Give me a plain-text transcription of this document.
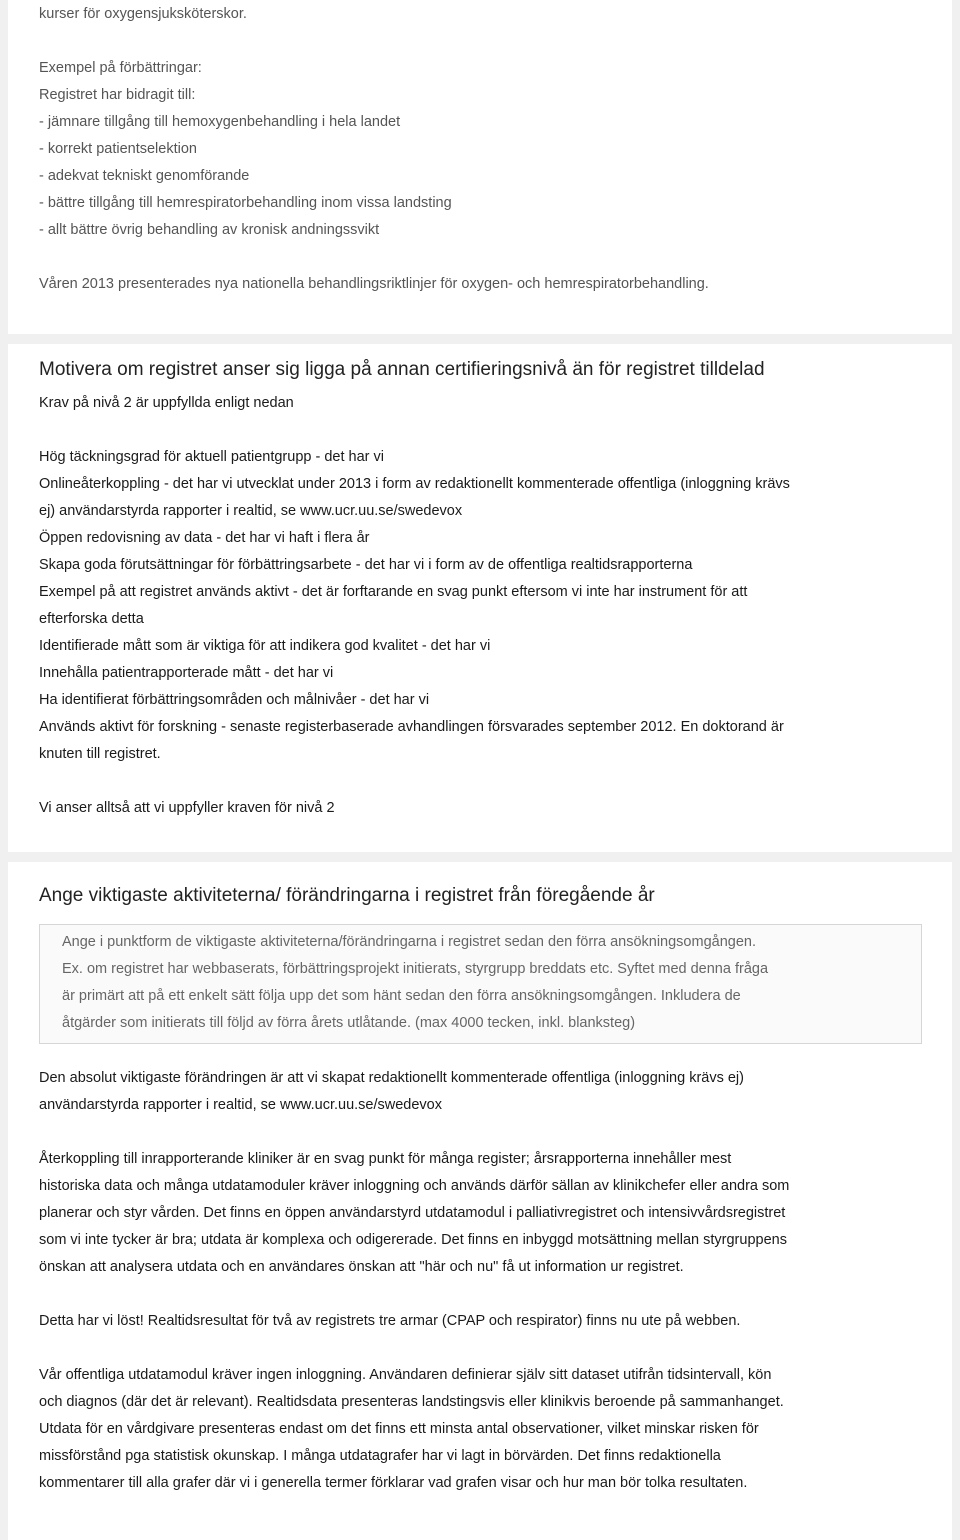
kurser för oxygensjuksköterskor.

Exempel på förbättringar:
Registret har bidragit till:
- jämnare tillgång till hemoxygenbehandling i hela landet
- korrekt patientselektion
- adekvat tekniskt genomförande
- bättre tillgång till hemrespiratorbehandling inom vissa landsting
- allt bättre övrig behandling av kronisk andningssvikt

Våren 2013 presenterades nya nationella behandlingsriktlinjer för oxygen- och hemrespiratorbehandling.
Motivera om registret anser sig ligga på annan certifieringsnivå än för registret tilldelad
Krav på nivå 2 är uppfyllda enligt nedan

Hög täckningsgrad för aktuell patientgrupp - det har vi
Onlineåterkoppling - det har vi utvecklat under 2013 i form av redaktionellt kommenterade offentliga (inloggning krävs
ej) användarstyrda rapporter i realtid, se www.ucr.uu.se/swedevox
Öppen redovisning av data - det har vi haft i flera år
Skapa goda förutsättningar för förbättringsarbete - det har vi i form av de offentliga realtidsrapporterna
Exempel på att registret används aktivt - det är forftarande en svag punkt eftersom vi inte har instrument för att
efterforska detta
Identifierade mått som är viktiga för att indikera god kvalitet - det har vi
Innehålla patientrapporterade mått - det har vi
Ha identifierat förbättringsområden och målnivåer - det har vi
Används aktivt för forskning - senaste registerbaserade avhandlingen försvarades september 2012. En doktorand är
knuten till registret.

Vi anser alltså att vi uppfyller kraven för nivå 2
Ange viktigaste aktiviteterna/ förändringarna i registret från föregående år
Ange i punktform de viktigaste aktiviteterna/förändringarna i registret sedan den förra ansökningsomgången.
Ex. om registret har webbaserats, förbättringsprojekt initierats, styrgrupp breddats etc. Syftet med denna fråga
är primärt att på ett enkelt sätt följa upp det som hänt sedan den förra ansökningsomgången. Inkludera de
åtgärder som initierats till följd av förra årets utlåtande. (max 4000 tecken, inkl. blanksteg)
Den absolut viktigaste förändringen är att vi skapat redaktionellt kommenterade offentliga (inloggning krävs ej)
användarstyrda rapporter i realtid, se www.ucr.uu.se/swedevox

Återkoppling till inrapporterande kliniker är en svag punkt för många register; årsrapporterna innehåller mest
historiska data och många utdatamoduler kräver inloggning och används därför sällan av klinikchefer eller andra som
planerar och styr vården. Det finns en öppen användarstyrd utdatamodul i palliativregistret och intensivvårdsregistret
som vi inte tycker är bra; utdata är komplexa och odigererade. Det finns en inbyggd motsättning mellan styrgruppens
önskan att analysera utdata och en användares önskan att "här och nu" få ut information ur registret.

Detta har vi löst! Realtidsresultat för två av registrets tre armar (CPAP och respirator) finns nu ute på webben.

Vår offentliga utdatamodul kräver ingen inloggning. Användaren definierar själv sitt dataset utifrån tidsintervall, kön
och diagnos (där det är relevant). Realtidsdata presenteras landstingsvis eller klinikvis beroende på sammanhanget.
Utdata för en vårdgivare presenteras endast om det finns ett minsta antal observationer, vilket minskar risken för
missförstånd pga statistisk okunskap. I många utdatagrafer har vi lagt in börvärden. Det finns redaktionella
kommentarer till alla grafer där vi i generella termer förklarar vad grafen visar och hur man bör tolka resultaten.
